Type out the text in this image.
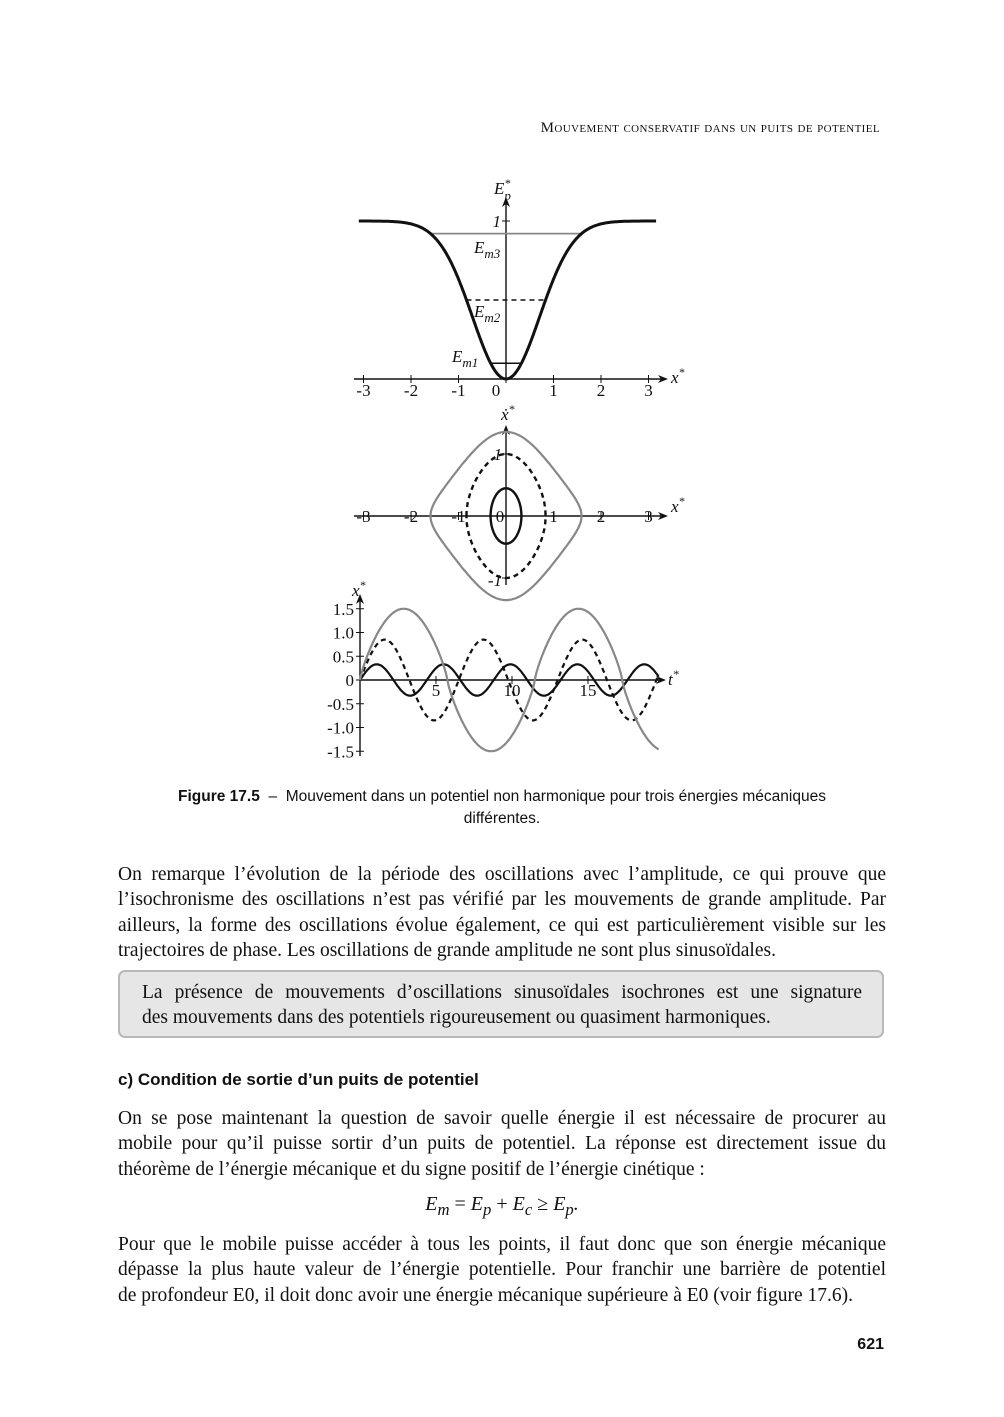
Mouvement conservatif dans un puits de potentiel
-3 -2 -1 0	1 2 3
1
E* p
x*
$E_{m3}$
$E_{m2}$
$E_{m1}$
-3 -2 -1 0	1 2 3
1
-1
ẋ*
x*
1.5
1.0
0.5
0
-0.5
-1.0
-1.5
5	10	15
x*
t*
Figure 17.5 – Mouvement dans un potentiel non harmonique pour trois énergies mécaniques différentes.
On remarque l’évolution de la période des oscillations avec l’amplitude, ce qui prouve que
l’isochronisme des oscillations n’est pas vérifié par les mouvements de grande amplitude. Par
ailleurs, la forme des oscillations évolue également, ce qui est particulièrement visible sur les
trajectoires de phase. Les oscillations de grande amplitude ne sont plus sinusoïdales.
La présence de mouvements d’oscillations sinusoïdales isochrones est une signature
des mouvements dans des potentiels rigoureusement ou quasiment harmoniques.
c) Condition de sortie d’un puits de potentiel
On se pose maintenant la question de savoir quelle énergie il est nécessaire de procurer au
mobile pour qu’il puisse sortir d’un puits de potentiel. La réponse est directement issue du
théorème de l’énergie mécanique et du signe positif de l’énergie cinétique :
$E_m = E_p + E_c \ge E_p$.
Pour que le mobile puisse accéder à tous les points, il faut donc que son énergie mécanique
dépasse la plus haute valeur de l’énergie potentielle. Pour franchir une barrière de potentiel
de profondeur E0, il doit donc avoir une énergie mécanique supérieure à E0 (voir figure 17.6).
621
